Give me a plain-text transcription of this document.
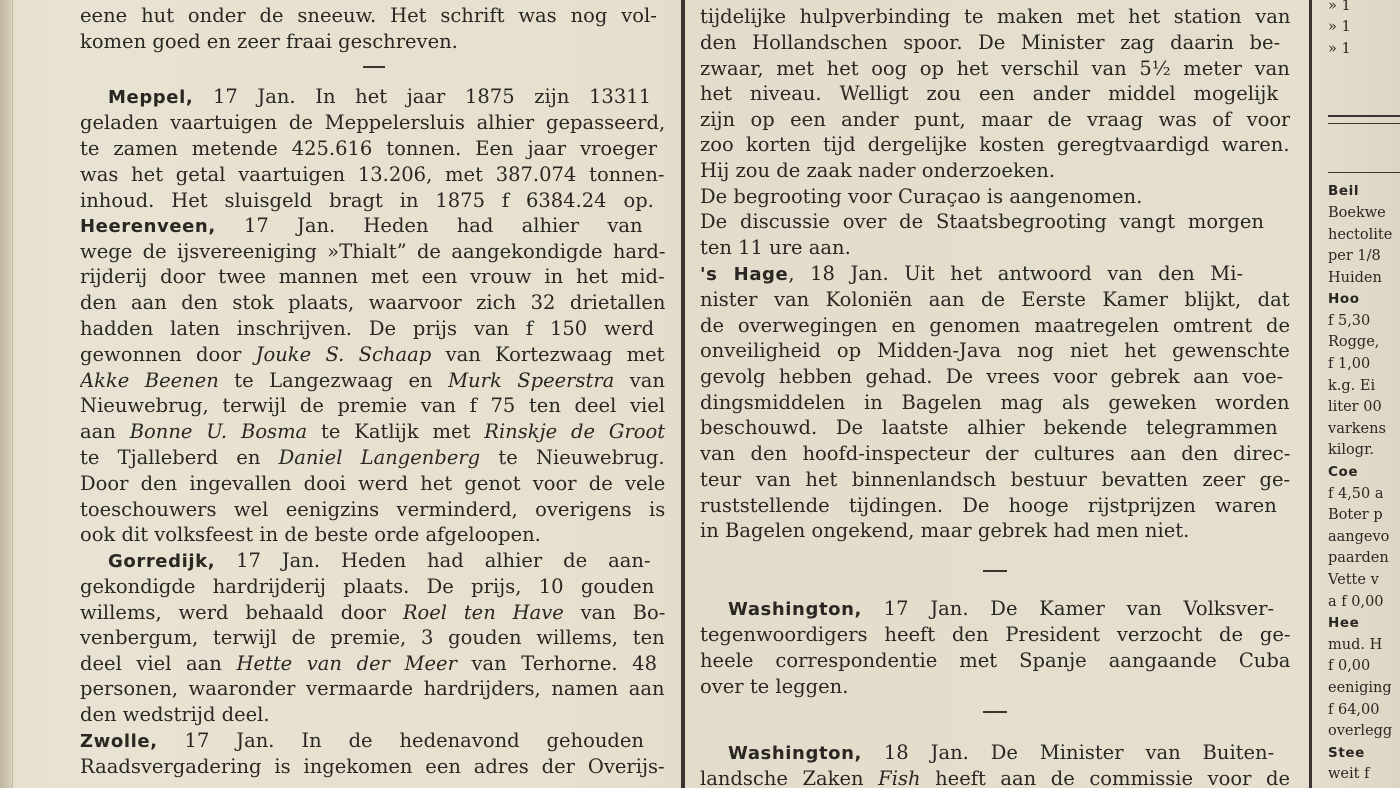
eene hut onder de sneeuw. Het schrift was nog vol-
komen goed en zeer fraai geschreven.
Meppel, 17 Jan. In het jaar 1875 zijn 13311
geladen vaartuigen de Meppelersluis alhier gepasseerd,
te zamen metende 425.616 tonnen. Een jaar vroeger
was het getal vaartuigen 13.206, met 387.074 tonnen-
inhoud. Het sluisgeld bragt in 1875 f 6384.24 op.
Heerenveen, 17 Jan. Heden had alhier van
wege de ijsvereeniging »Thialt” de aangekondigde hard-
rijderij door twee mannen met een vrouw in het mid-
den aan den stok plaats, waarvoor zich 32 drietallen
hadden laten inschrijven. De prijs van f 150 werd
gewonnen door Jouke S. Schaap van Kortezwaag met
Akke Beenen te Langezwaag en Murk Speerstra van
Nieuwebrug, terwijl de premie van f 75 ten deel viel
aan Bonne U. Bosma te Katlijk met Rinskje de Groot
te Tjalleberd en Daniel Langenberg te Nieuwebrug.
Door den ingevallen dooi werd het genot voor de vele
toeschouwers wel eenigzins verminderd, overigens is
ook dit volksfeest in de beste orde afgeloopen.
Gorredijk, 17 Jan. Heden had alhier de aan-
gekondigde hardrijderij plaats. De prijs, 10 gouden
willems, werd behaald door Roel ten Have van Bo-
venbergum, terwijl de premie, 3 gouden willems, ten
deel viel aan Hette van der Meer van Terhorne. 48
personen, waaronder vermaarde hardrijders, namen aan
den wedstrijd deel.
Zwolle, 17 Jan. In de hedenavond gehouden
Raadsvergadering is ingekomen een adres der Overijs-
tijdelijke hulpverbinding te maken met het station van
den Hollandschen spoor. De Minister zag daarin be-
zwaar, met het oog op het verschil van 5½ meter van
het niveau. Welligt zou een ander middel mogelijk
zijn op een ander punt, maar de vraag was of voor
zoo korten tijd dergelijke kosten geregtvaardigd waren.
Hij zou de zaak nader onderzoeken.
De begrooting voor Curaçao is aangenomen.
De discussie over de Staatsbegrooting vangt morgen
ten 11 ure aan.
's Hage, 18 Jan. Uit het antwoord van den Mi-
nister van Koloniën aan de Eerste Kamer blijkt, dat
de overwegingen en genomen maatregelen omtrent de
onveiligheid op Midden-Java nog niet het gewenschte
gevolg hebben gehad. De vrees voor gebrek aan voe-
dingsmiddelen in Bagelen mag als geweken worden
beschouwd. De laatste alhier bekende telegrammen
van den hoofd-inspecteur der cultures aan den direc-
teur van het binnenlandsch bestuur bevatten zeer ge-
ruststellende tijdingen. De hooge rijstprijzen waren
in Bagelen ongekend, maar gebrek had men niet.
Washington, 17 Jan. De Kamer van Volksver-
tegenwoordigers heeft den President verzocht de ge-
heele correspondentie met Spanje aangaande Cuba
over te leggen.
Washington, 18 Jan. De Minister van Buiten-
landsche Zaken Fish heeft aan de commissie voor de
» 1
» 1
» 1
Beil
Boekwe
hectolite
per 1/8
Huiden
Hoo
f 5,30
Rogge,
f 1,00
k.g. Ei
liter 00
varkens
kilogr.
Coe
f 4,50 a
Boter p
aangevo
paarden
Vette v
a f 0,00
Hee
mud. H
f 0,00
eeniging
f 64,00
overlegg
Stee
weit f
